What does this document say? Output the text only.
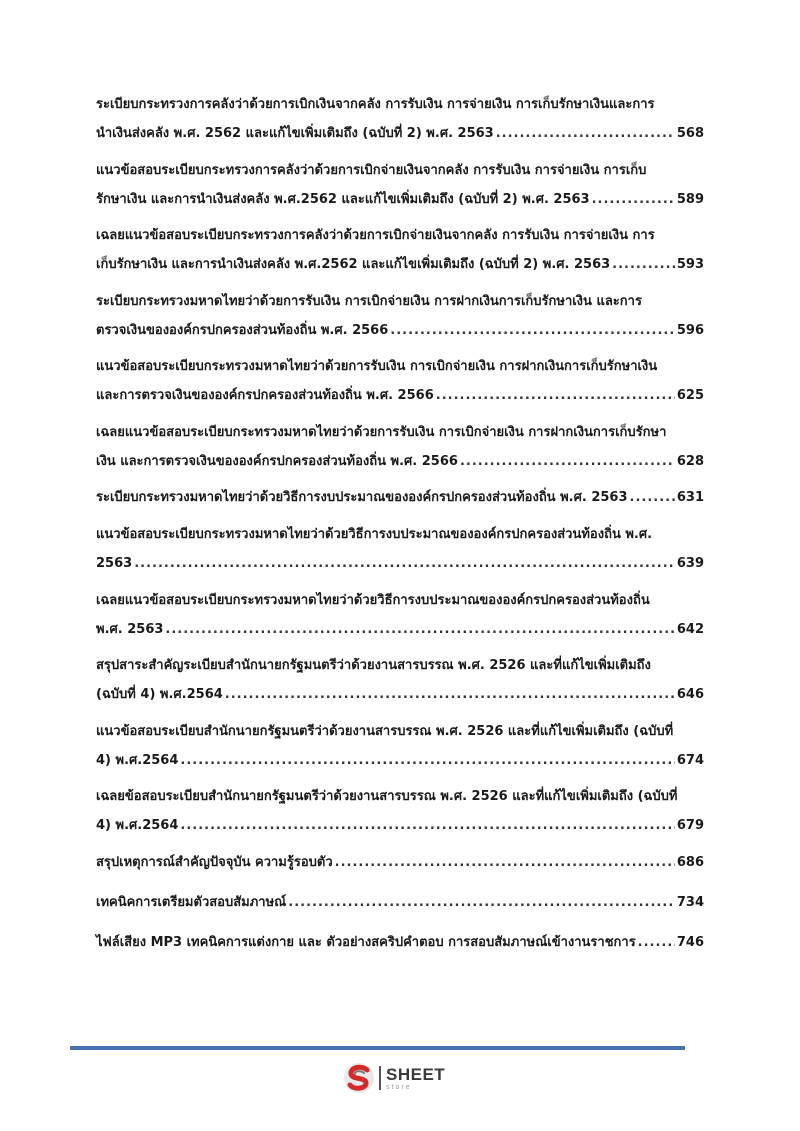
ระเบียบกระทรวงการคลังว่าด้วยการเบิกเงินจากคลัง การรับเงิน การจ่ายเงิน การเก็บรักษาเงินและการ
นำเงินส่งคลัง พ.ศ. 2562 และแก้ไขเพิ่มเติมถึง (ฉบับที่ 2) พ.ศ. 2563 .....	568
แนวข้อสอบระเบียบกระทรวงการคลังว่าด้วยการเบิกจ่ายเงินจากคลัง การรับเงิน การจ่ายเงิน การเก็บ
รักษาเงิน และการนำเงินส่งคลัง พ.ศ.2562 และแก้ไขเพิ่มเติมถึง (ฉบับที่ 2) พ.ศ. 2563 .....	589
เฉลยแนวข้อสอบระเบียบกระทรวงการคลังว่าด้วยการเบิกจ่ายเงินจากคลัง การรับเงิน การจ่ายเงิน การ
เก็บรักษาเงิน และการนำเงินส่งคลัง พ.ศ.2562 และแก้ไขเพิ่มเติมถึง (ฉบับที่ 2) พ.ศ. 2563 .....	593
ระเบียบกระทรวงมหาดไทยว่าด้วยการรับเงิน การเบิกจ่ายเงิน การฝากเงินการเก็บรักษาเงิน และการ
ตรวจเงินขององค์กรปกครองส่วนท้องถิ่น พ.ศ. 2566 .....	596
แนวข้อสอบระเบียบกระทรวงมหาดไทยว่าด้วยการรับเงิน การเบิกจ่ายเงิน การฝากเงินการเก็บรักษาเงิน
และการตรวจเงินขององค์กรปกครองส่วนท้องถิ่น พ.ศ. 2566 .....	625
เฉลยแนวข้อสอบระเบียบกระทรวงมหาดไทยว่าด้วยการรับเงิน การเบิกจ่ายเงิน การฝากเงินการเก็บรักษา
เงิน และการตรวจเงินขององค์กรปกครองส่วนท้องถิ่น พ.ศ. 2566 .....	628
ระเบียบกระทรวงมหาดไทยว่าด้วยวิธีการงบประมาณขององค์กรปกครองส่วนท้องถิ่น พ.ศ. 2563 .....	631
แนวข้อสอบระเบียบกระทรวงมหาดไทยว่าด้วยวิธีการงบประมาณขององค์กรปกครองส่วนท้องถิ่น พ.ศ.
2563 .....	639
เฉลยแนวข้อสอบระเบียบกระทรวงมหาดไทยว่าด้วยวิธีการงบประมาณขององค์กรปกครองส่วนท้องถิ่น
พ.ศ. 2563 .....	642
สรุปสาระสำคัญระเบียบสำนักนายกรัฐมนตรีว่าด้วยงานสารบรรณ พ.ศ. 2526 และที่แก้ไขเพิ่มเติมถึง
(ฉบับที่ 4) พ.ศ.2564 .....	646
แนวข้อสอบระเบียบสำนักนายกรัฐมนตรีว่าด้วยงานสารบรรณ พ.ศ. 2526 และที่แก้ไขเพิ่มเติมถึง (ฉบับที่
4) พ.ศ.2564 .....	674
เฉลยข้อสอบระเบียบสำนักนายกรัฐมนตรีว่าด้วยงานสารบรรณ พ.ศ. 2526 และที่แก้ไขเพิ่มเติมถึง (ฉบับที่
4) พ.ศ.2564 .....	679
สรุปเหตุการณ์สำคัญปัจจุบัน ความรู้รอบตัว .....	686
เทคนิคการเตรียมตัวสอบสัมภาษณ์ .....	734
ไฟล์เสียง MP3 เทคนิคการแต่งกาย และ ตัวอย่างสคริปคำตอบ การสอบสัมภาษณ์เข้างานราชการ .....	746
SHEET
store
